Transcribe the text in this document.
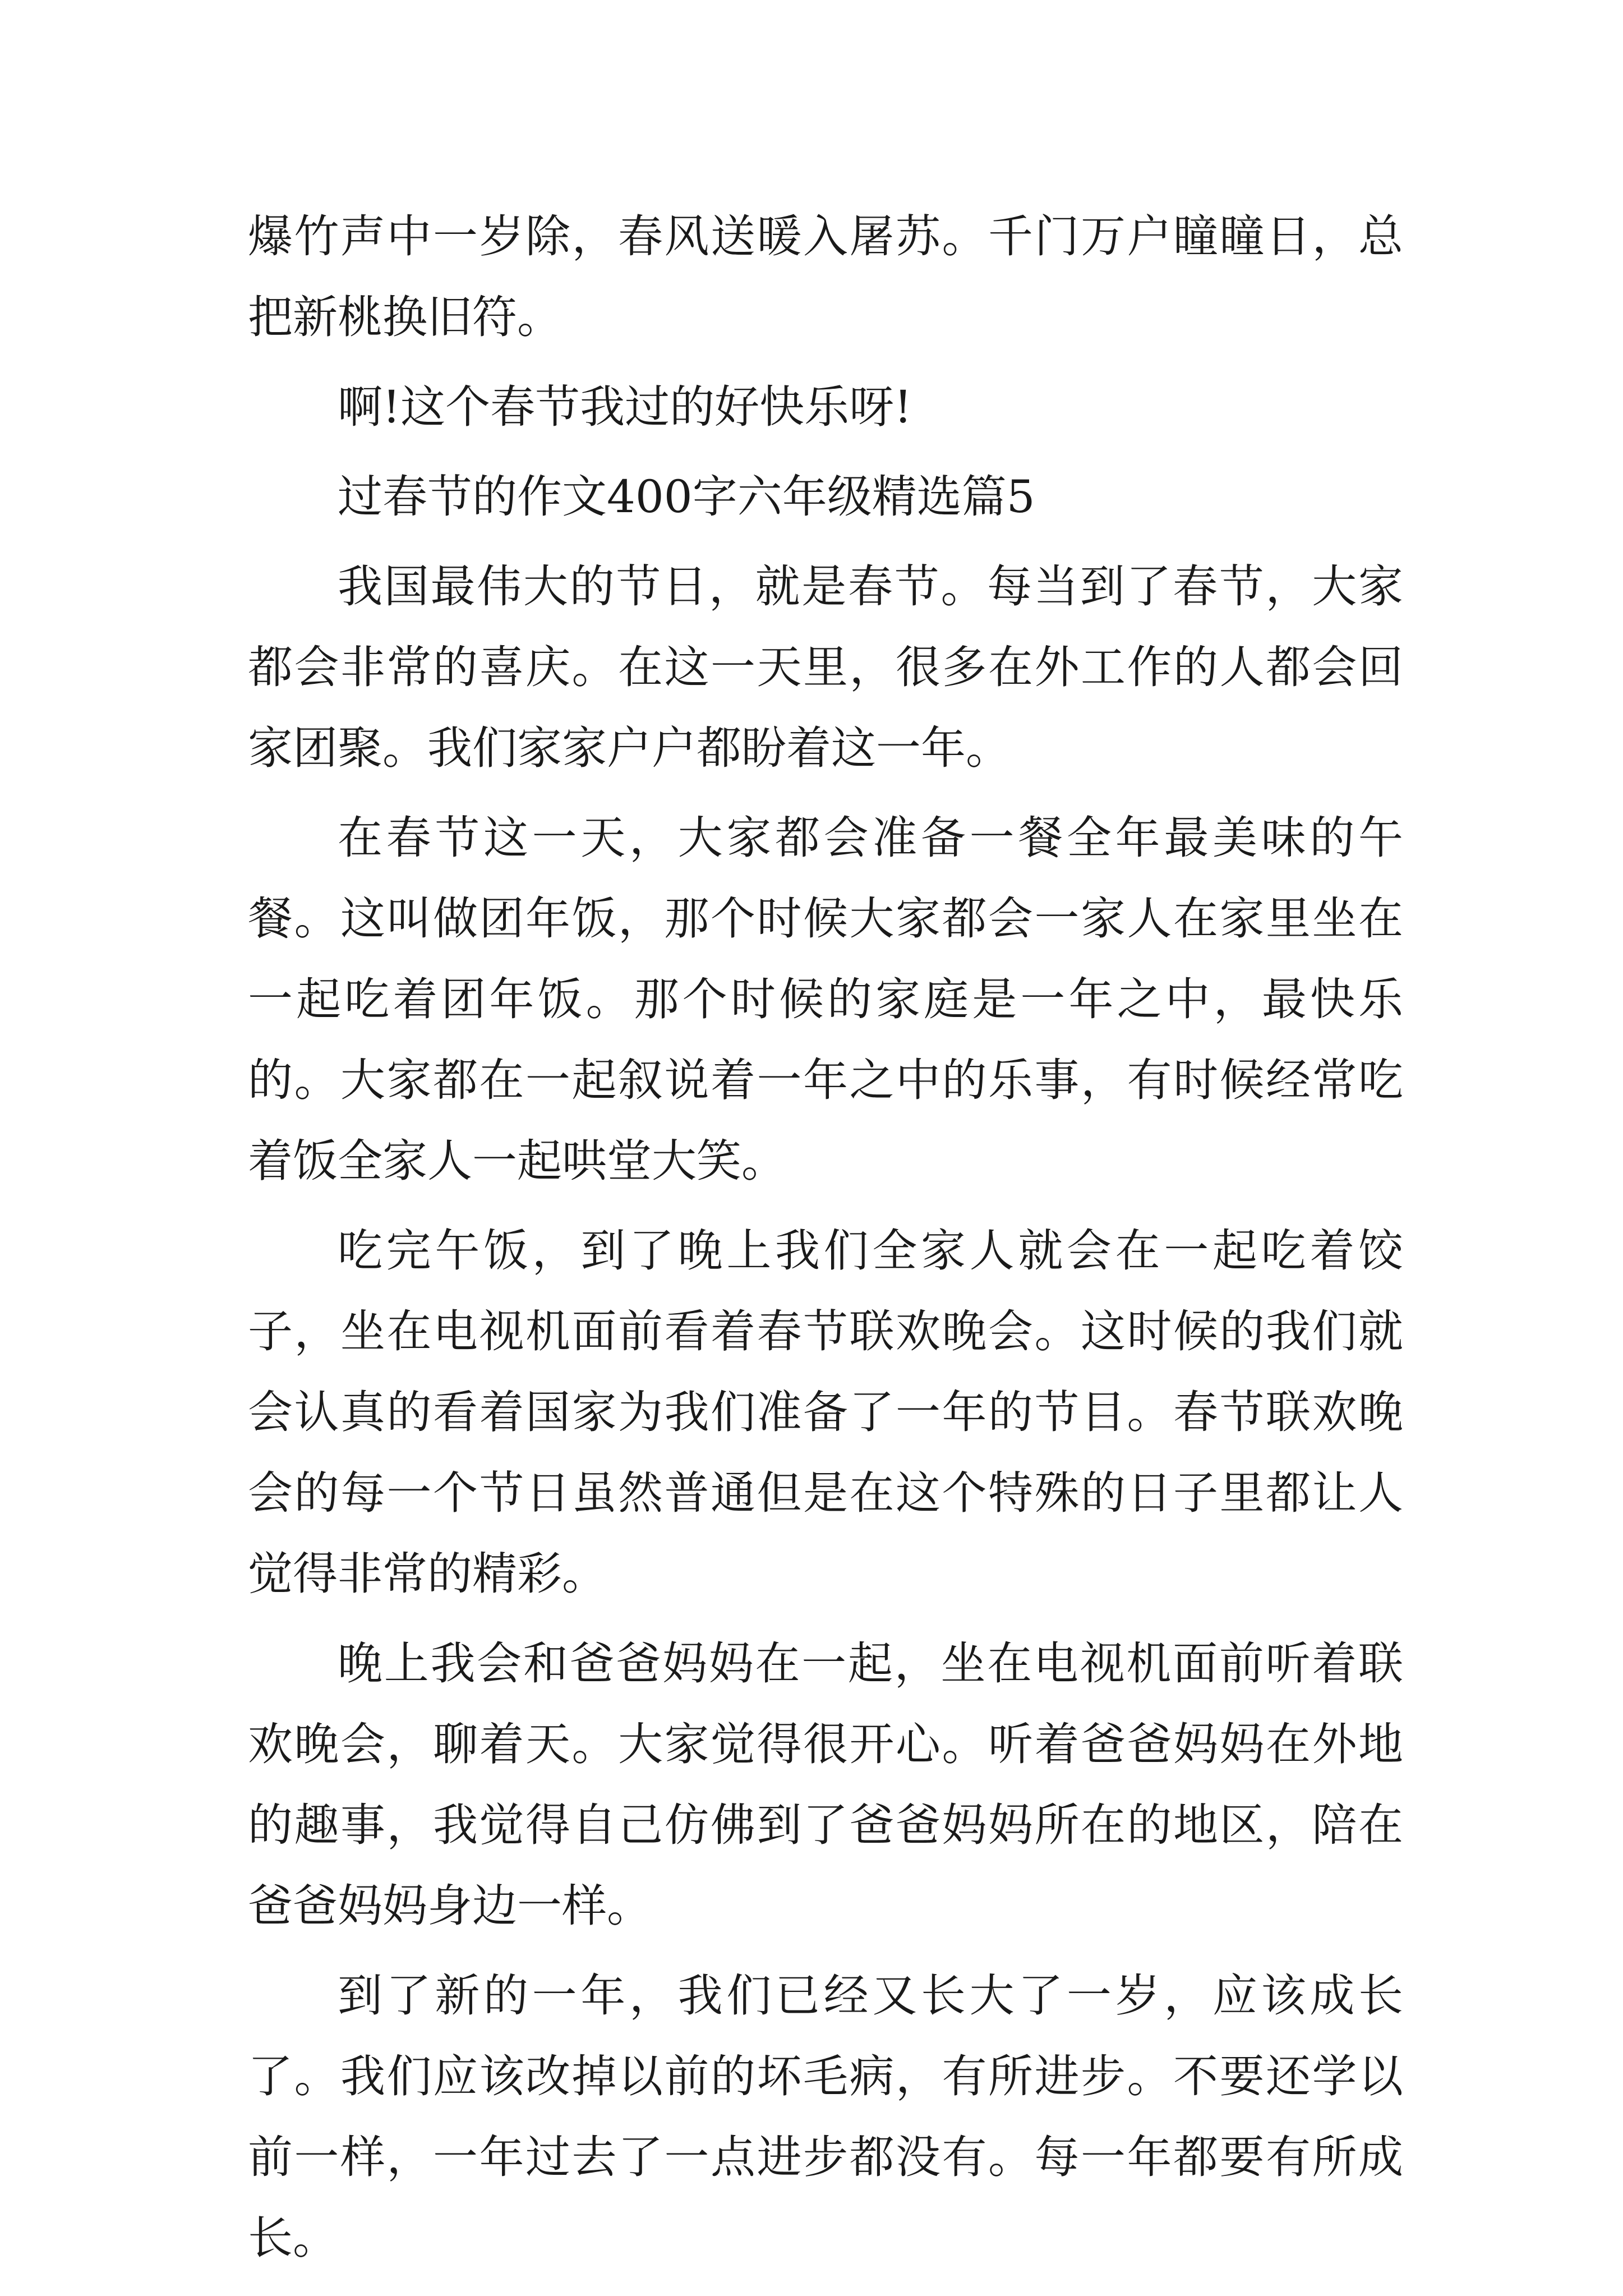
爆竹声中一岁除，春风送暖入屠苏。千门万户瞳瞳日，总把新桃换旧符。

啊!这个春节我过的好快乐呀!

过春节的作文400字六年级精选篇5

我国最伟大的节日，就是春节。每当到了春节，大家都会非常的喜庆。在这一天里，很多在外工作的人都会回家团聚。我们家家户户都盼着这一年。

在春节这一天，大家都会准备一餐全年最美味的午餐。这叫做团年饭，那个时候大家都会一家人在家里坐在一起吃着团年饭。那个时候的家庭是一年之中，最快乐的。大家都在一起叙说着一年之中的乐事，有时候经常吃着饭全家人一起哄堂大笑。

吃完午饭，到了晚上我们全家人就会在一起吃着饺子，坐在电视机面前看着春节联欢晚会。这时候的我们就会认真的看着国家为我们准备了一年的节目。春节联欢晚会的每一个节日虽然普通但是在这个特殊的日子里都让人觉得非常的精彩。

晚上我会和爸爸妈妈在一起，坐在电视机面前听着联欢晚会，聊着天。大家觉得很开心。听着爸爸妈妈在外地的趣事，我觉得自己仿佛到了爸爸妈妈所在的地区，陪在爸爸妈妈身边一样。

到了新的一年，我们已经又长大了一岁，应该成长了。我们应该改掉以前的坏毛病，有所进步。不要还学以前一样，一年过去了一点进步都没有。每一年都要有所成长。
